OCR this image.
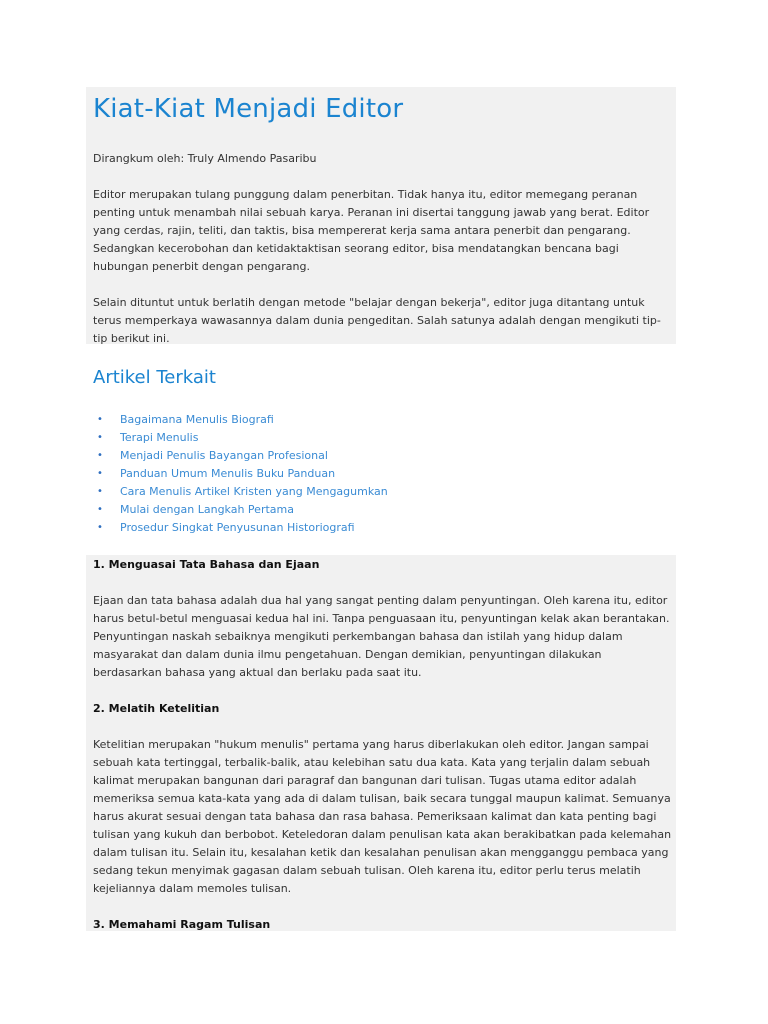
Kiat-Kiat Menjadi Editor

Dirangkum oleh: Truly Almendo Pasaribu

Editor merupakan tulang punggung dalam penerbitan. Tidak hanya itu, editor memegang peranan penting untuk menambah nilai sebuah karya. Peranan ini disertai tanggung jawab yang berat. Editor yang cerdas, rajin, teliti, dan taktis, bisa mempererat kerja sama antara penerbit dan pengarang. Sedangkan kecerobohan dan ketidaktaktisan seorang editor, bisa mendatangkan bencana bagi hubungan penerbit dengan pengarang.

Selain dituntut untuk berlatih dengan metode "belajar dengan bekerja", editor juga ditantang untuk terus memperkaya wawasannya dalam dunia pengeditan. Salah satunya adalah dengan mengikuti tip-tip berikut ini.

Artikel Terkait
• Bagaimana Menulis Biografi
• Terapi Menulis
• Menjadi Penulis Bayangan Profesional
• Panduan Umum Menulis Buku Panduan
• Cara Menulis Artikel Kristen yang Mengagumkan
• Mulai dengan Langkah Pertama
• Prosedur Singkat Penyusunan Historiografi
1. Menguasai Tata Bahasa dan Ejaan

Ejaan dan tata bahasa adalah dua hal yang sangat penting dalam penyuntingan. Oleh karena itu, editor harus betul-betul menguasai kedua hal ini. Tanpa penguasaan itu, penyuntingan kelak akan berantakan. Penyuntingan naskah sebaiknya mengikuti perkembangan bahasa dan istilah yang hidup dalam masyarakat dan dalam dunia ilmu pengetahuan. Dengan demikian, penyuntingan dilakukan berdasarkan bahasa yang aktual dan berlaku pada saat itu.

2. Melatih Ketelitian

Ketelitian merupakan "hukum menulis" pertama yang harus diberlakukan oleh editor. Jangan sampai sebuah kata tertinggal, terbalik-balik, atau kelebihan satu dua kata. Kata yang terjalin dalam sebuah kalimat merupakan bangunan dari paragraf dan bangunan dari tulisan. Tugas utama editor adalah memeriksa semua kata-kata yang ada di dalam tulisan, baik secara tunggal maupun kalimat. Semuanya harus akurat sesuai dengan tata bahasa dan rasa bahasa. Pemeriksaan kalimat dan kata penting bagi tulisan yang kukuh dan berbobot. Keteledoran dalam penulisan kata akan berakibatkan pada kelemahan dalam tulisan itu. Selain itu, kesalahan ketik dan kesalahan penulisan akan mengganggu pembaca yang sedang tekun menyimak gagasan dalam sebuah tulisan. Oleh karena itu, editor perlu terus melatih kejeliannya dalam memoles tulisan.

3. Memahami Ragam Tulisan
